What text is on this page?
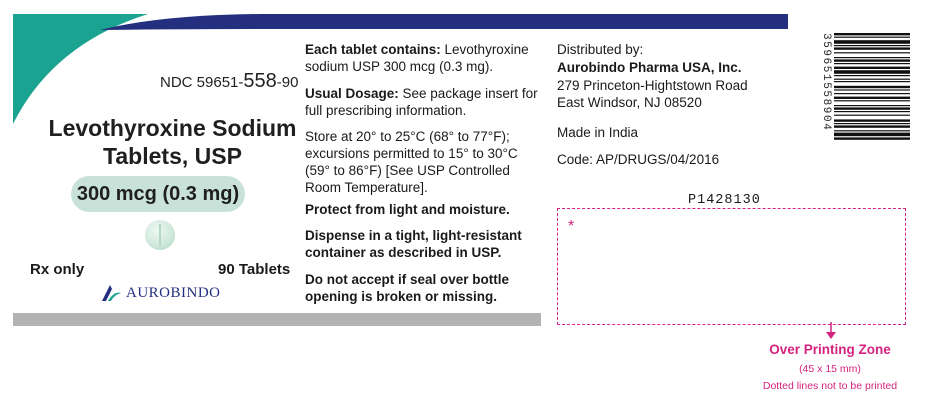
NDC 59651-558-90
Levothyroxine Sodium
Tablets, USP
300 mcg (0.3 mg)
Rx only	90 Tablets
AUROBINDO
Each tablet contains: Levothyroxine sodium USP 300 mcg (0.3 mg).
Usual Dosage: See package insert for full prescribing information.
Store at 20° to 25°C (68° to 77°F); excursions permitted to 15° to 30°C (59° to 86°F) [See USP Controlled Room Temperature].
Protect from light and moisture.
Dispense in a tight, light-resistant container as described in USP.
Do not accept if seal over bottle opening is broken or missing.
Distributed by:
Aurobindo Pharma USA, Inc.
279 Princeton-Hightstown Road
East Windsor, NJ 08520
Made in India
Code: AP/DRUGS/04/2016
359651558904
P1428130
*
Over Printing Zone
(45 x 15 mm)
Dotted lines not to be printed
